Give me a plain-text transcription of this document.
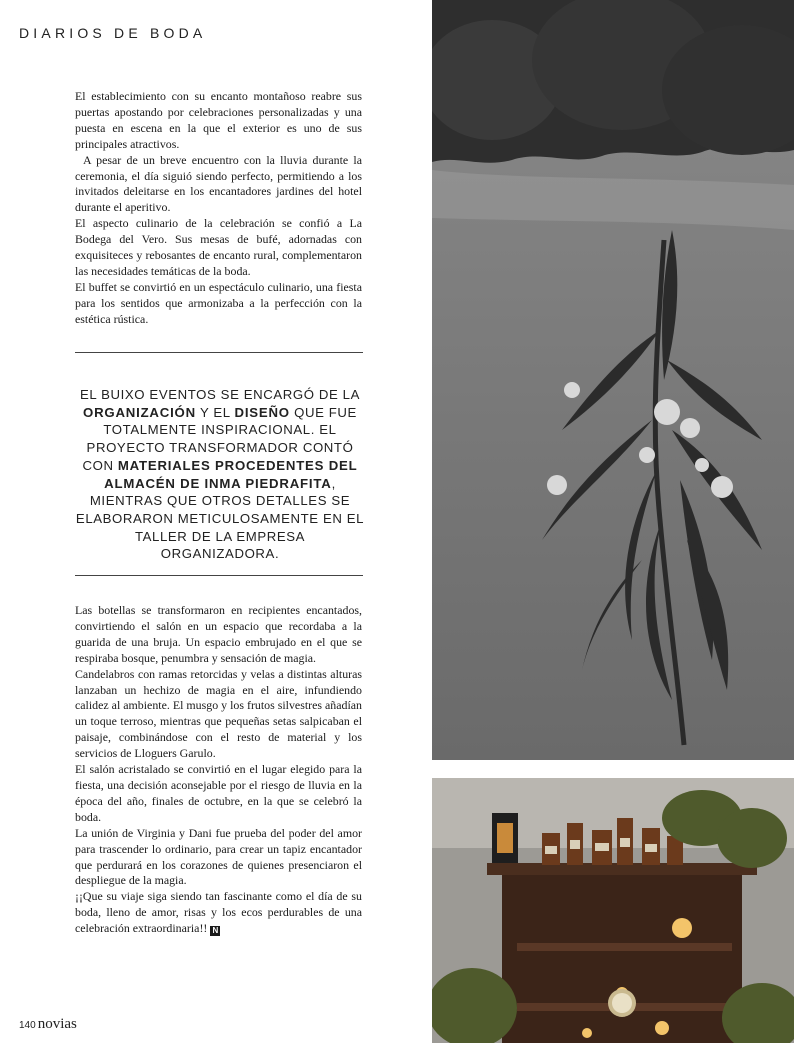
DIARIOS DE BODA

El establecimiento con su encanto montañoso reabre sus puertas apostando por celebraciones personalizadas y una puesta en escena en la que el exterior es uno de sus principales atractivos.

A pesar de un breve encuentro con la lluvia durante la ceremonia, el día siguió siendo perfecto, permitiendo a los invitados deleitarse en los encantadores jardines del hotel durante el aperitivo.

El aspecto culinario de la celebración se confió a La Bodega del Vero. Sus mesas de bufé, adornadas con exquisiteces y rebosantes de encanto rural, complementaron las necesidades temáticas de la boda.

El buffet se convirtió en un espectáculo culinario, una fiesta para los sentidos que armonizaba a la perfección con la estética rústica.

EL BUIXO EVENTOS SE ENCARGÓ DE LA ORGANIZACIÓN Y EL DISEÑO QUE FUE TOTALMENTE INSPIRACIONAL. EL PROYECTO TRANSFORMADOR CONTÓ CON MATERIALES PROCEDENTES DEL ALMACÉN DE INMA PIEDRAFITA, MIENTRAS QUE OTROS DETALLES SE ELABORARON METICULOSAMENTE EN EL TALLER DE LA EMPRESA ORGANIZADORA.

Las botellas se transformaron en recipientes encantados, convirtiendo el salón en un espacio que recordaba a la guarida de una bruja. Un espacio embrujado en el que se respiraba bosque, penumbra y sensación de magia.

Candelabros con ramas retorcidas y velas a distintas alturas lanzaban un hechizo de magia en el aire, infundiendo calidez al ambiente. El musgo y los frutos silvestres añadían un toque terroso, mientras que pequeñas setas salpicaban el paisaje, combinándose con el resto de material y los servicios de Lloguers Garulo.

El salón acristalado se convirtió en el lugar elegido para la fiesta, una decisión aconsejable por el riesgo de lluvia en la época del año, finales de octubre, en la que se celebró la boda.

La unión de Virginia y Dani fue prueba del poder del amor para trascender lo ordinario, para crear un tapiz encantador que perdurará en los corazones de quienes presenciaron el despliegue de la magia.

¡¡Que su viaje siga siendo tan fascinante como el día de su boda, lleno de amor, risas y los ecos perdurables de una celebración extraordinaria!! N

140 novias
